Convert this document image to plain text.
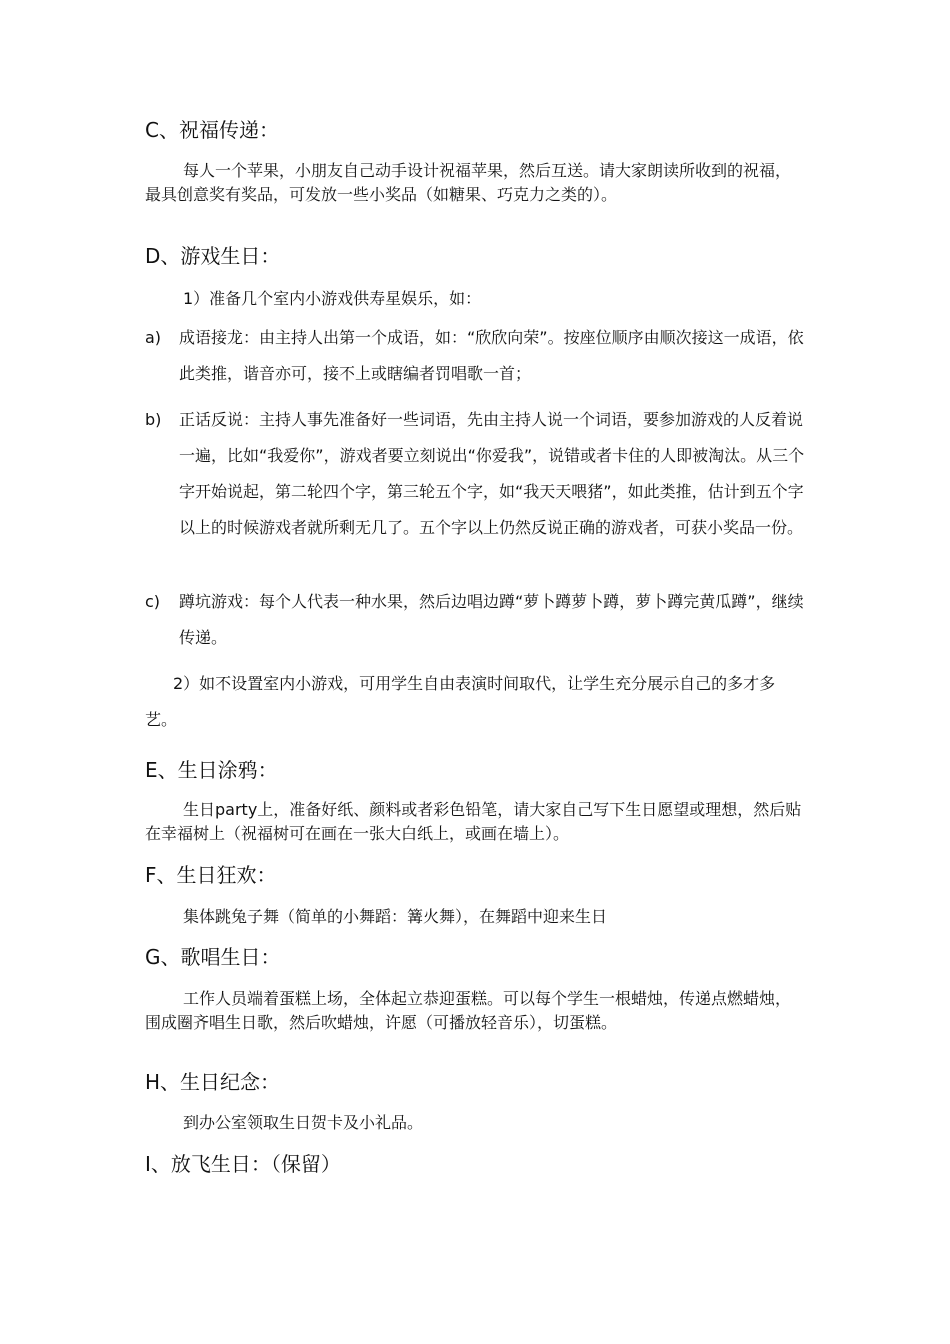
C、祝福传递：
每人一个苹果，小朋友自己动手设计祝福苹果，然后互送。请大家朗读所收到的祝福，最具创意奖有奖品，可发放一些小奖品（如糖果、巧克力之类的）。
D、游戏生日：
1）准备几个室内小游戏供寿星娱乐，如：
a) 成语接龙：由主持人出第一个成语，如：“欣欣向荣”。按座位顺序由顺次接这一成语，依此类推，谐音亦可，接不上或瞎编者罚唱歌一首；
b) 正话反说：主持人事先准备好一些词语，先由主持人说一个词语，要参加游戏的人反着说一遍，比如“我爱你”，游戏者要立刻说出“你爱我”，说错或者卡住的人即被淘汰。从三个字开始说起，第二轮四个字，第三轮五个字，如“我天天喂猪”，如此类推，估计到五个字以上的时候游戏者就所剩无几了。五个字以上仍然反说正确的游戏者，可获小奖品一份。
c) 蹲坑游戏：每个人代表一种水果，然后边唱边蹲“萝卜蹲萝卜蹲，萝卜蹲完黄瓜蹲”，继续传递。
2）如不设置室内小游戏，可用学生自由表演时间取代，让学生充分展示自己的多才多艺。
E、生日涂鸦：
生日party上，准备好纸、颜料或者彩色铅笔，请大家自己写下生日愿望或理想，然后贴在幸福树上（祝福树可在画在一张大白纸上，或画在墙上）。
F、生日狂欢：
集体跳兔子舞（简单的小舞蹈：篝火舞），在舞蹈中迎来生日
G、歌唱生日：
工作人员端着蛋糕上场，全体起立恭迎蛋糕。可以每个学生一根蜡烛，传递点燃蜡烛，围成圈齐唱生日歌，然后吹蜡烛，许愿（可播放轻音乐），切蛋糕。
H、生日纪念：
到办公室领取生日贺卡及小礼品。
I、放飞生日：（保留）
